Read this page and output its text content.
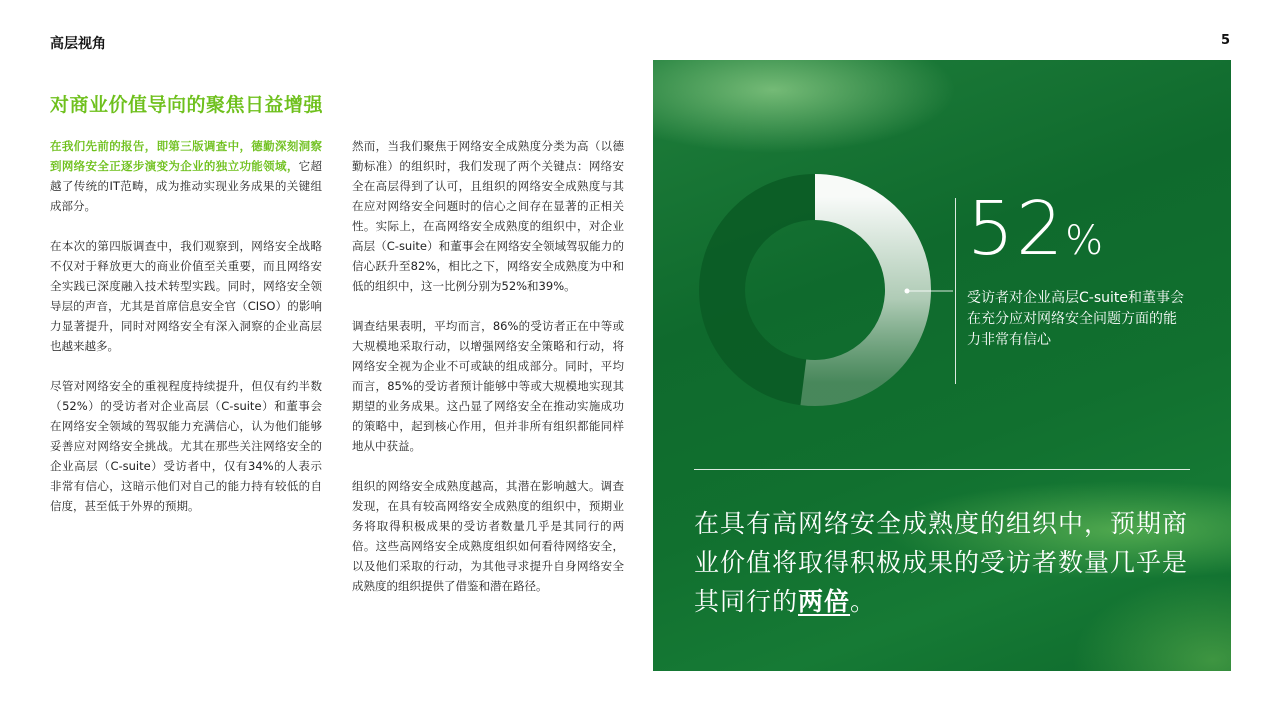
高层视角	5
对商业价值导向的聚焦日益增强

在我们先前的报告，即第三版调查中，德勤深刻洞察到网络安全正逐步演变为企业的独立功能领域，它超越了传统的IT范畴，成为推动实现业务成果的关键组成部分。

在本次的第四版调查中，我们观察到，网络安全战略不仅对于释放更大的商业价值至关重要，而且网络安全实践已深度融入技术转型实践。同时，网络安全领导层的声音，尤其是首席信息安全官（CISO）的影响力显著提升，同时对网络安全有深入洞察的企业高层也越来越多。

尽管对网络安全的重视程度持续提升，但仅有约半数（52%）的受访者对企业高层（C-suite）和董事会在网络安全领域的驾驭能力充满信心，认为他们能够妥善应对网络安全挑战。尤其在那些关注网络安全的企业高层（C-suite）受访者中，仅有34%的人表示非常有信心，这暗示他们对自己的能力持有较低的自信度，甚至低于外界的预期。

然而，当我们聚焦于网络安全成熟度分类为高（以德勤标准）的组织时，我们发现了两个关键点：网络安全在高层得到了认可，且组织的网络安全成熟度与其在应对网络安全问题时的信心之间存在显著的正相关性。实际上，在高网络安全成熟度的组织中，对企业高层（C-suite）和董事会在网络安全领域驾驭能力的信心跃升至82%，相比之下，网络安全成熟度为中和低的组织中，这一比例分别为52%和39%。

调查结果表明，平均而言，86%的受访者正在中等或大规模地采取行动，以增强网络安全策略和行动，将网络安全视为企业不可或缺的组成部分。同时，平均而言，85%的受访者预计能够中等或大规模地实现其期望的业务成果。这凸显了网络安全在推动实施成功的策略中，起到核心作用，但并非所有组织都能同样地从中获益。

组织的网络安全成熟度越高，其潜在影响越大。调查发现，在具有较高网络安全成熟度的组织中，预期业务将取得积极成果的受访者数量几乎是其同行的两倍。这些高网络安全成熟度组织如何看待网络安全，以及他们采取的行动，为其他寻求提升自身网络安全成熟度的组织提供了借鉴和潜在路径。

52%
受访者对企业高层C-suite和董事会在充分应对网络安全问题方面的能力非常有信心
在具有高网络安全成熟度的组织中，预期商业价值将取得积极成果的受访者数量几乎是其同行的两倍。
